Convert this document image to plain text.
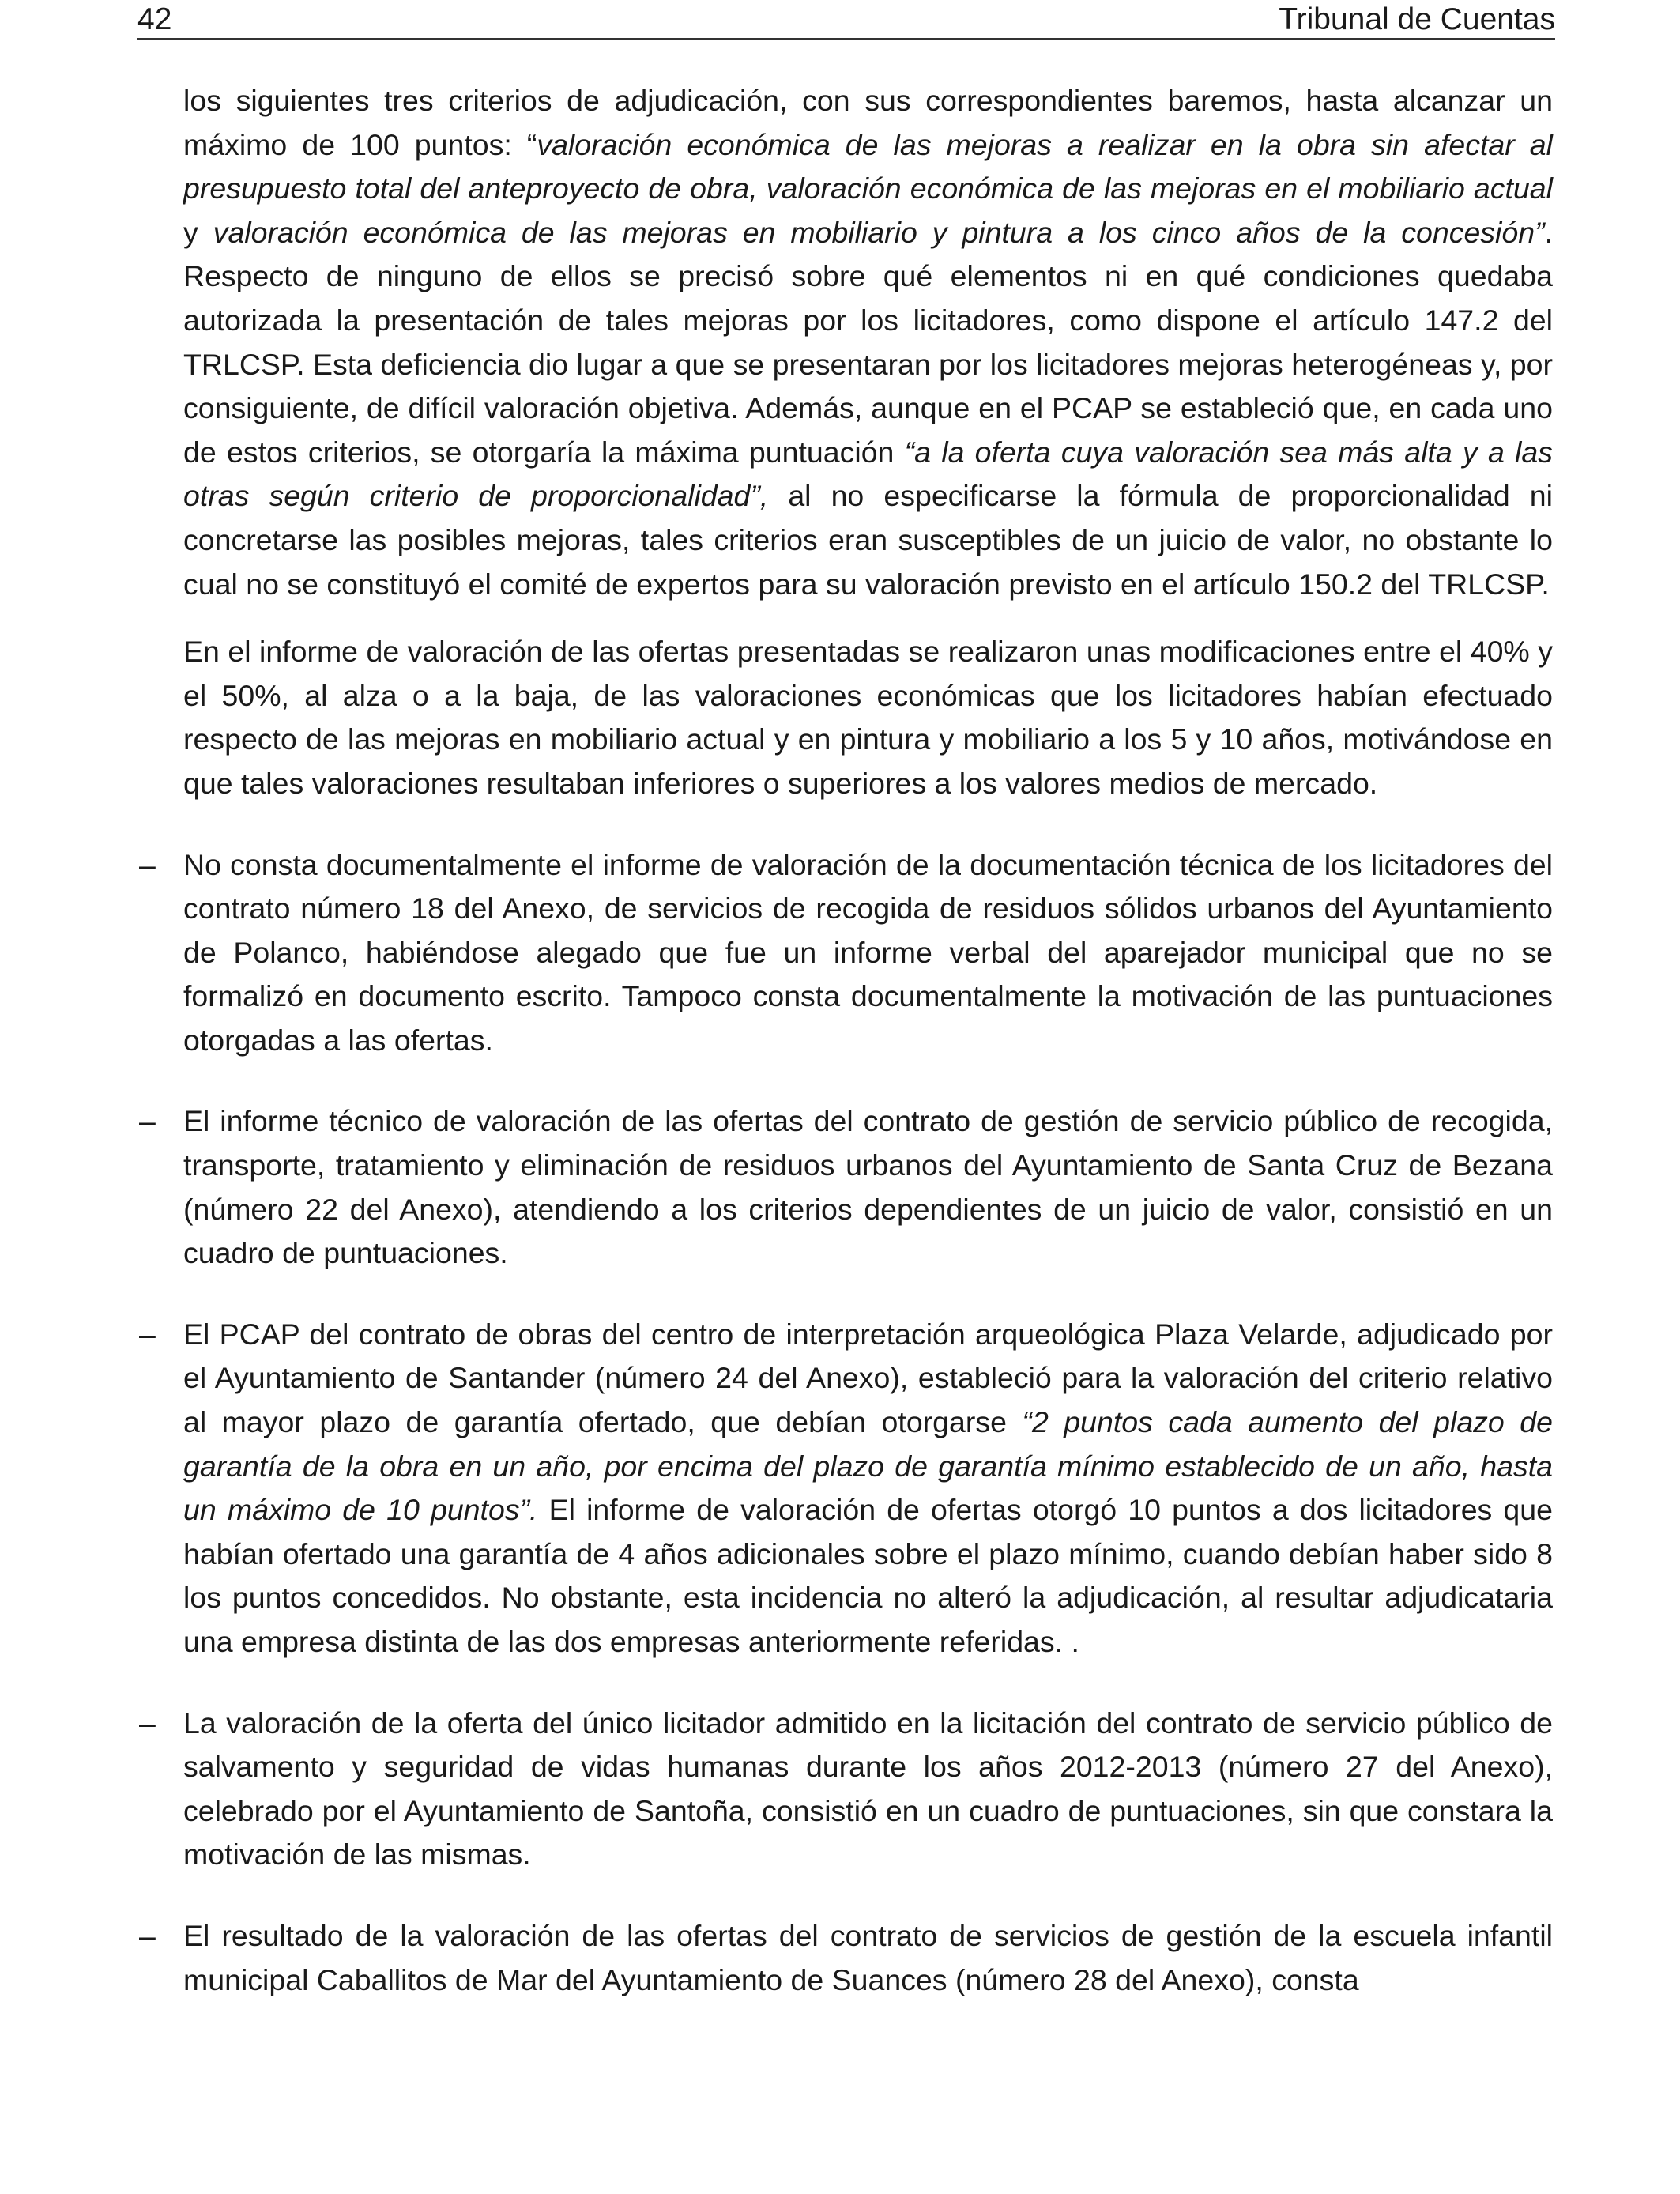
42	Tribunal de Cuentas

los siguientes tres criterios de adjudicación, con sus correspondientes baremos, hasta alcanzar un máximo de 100 puntos: “valoración económica de las mejoras a realizar en la obra sin afectar al presupuesto total del anteproyecto de obra, valoración económica de las mejoras en el mobiliario actual y valoración económica de las mejoras en mobiliario y pintura a los cinco años de la concesión”. Respecto de ninguno de ellos se precisó sobre qué elementos ni en qué condiciones quedaba autorizada la presentación de tales mejoras por los licitadores, como dispone el artículo 147.2 del TRLCSP. Esta deficiencia dio lugar a que se presentaran por los licitadores mejoras heterogéneas y, por consiguiente, de difícil valoración objetiva. Además, aunque en el PCAP se estableció que, en cada uno de estos criterios, se otorgaría la máxima puntuación “a la oferta cuya valoración sea más alta y a las otras según criterio de proporcionalidad”, al no especificarse la fórmula de proporcionalidad ni concretarse las posibles mejoras, tales criterios eran susceptibles de un juicio de valor, no obstante lo cual no se constituyó el comité de expertos para su valoración previsto en el artículo 150.2 del TRLCSP.

En el informe de valoración de las ofertas presentadas se realizaron unas modificaciones entre el 40% y el 50%, al alza o a la baja, de las valoraciones económicas que los licitadores habían efectuado respecto de las mejoras en mobiliario actual y en pintura y mobiliario a los 5 y 10 años, motivándose en que tales valoraciones resultaban inferiores o superiores a los valores medios de mercado.

– No consta documentalmente el informe de valoración de la documentación técnica de los licitadores del contrato número 18 del Anexo, de servicios de recogida de residuos sólidos urbanos del Ayuntamiento de Polanco, habiéndose alegado que fue un informe verbal del aparejador municipal que no se formalizó en documento escrito. Tampoco consta documentalmente la motivación de las puntuaciones otorgadas a las ofertas.

– El informe técnico de valoración de las ofertas del contrato de gestión de servicio público de recogida, transporte, tratamiento y eliminación de residuos urbanos del Ayuntamiento de Santa Cruz de Bezana (número 22 del Anexo), atendiendo a los criterios dependientes de un juicio de valor, consistió en un cuadro de puntuaciones.

– El PCAP del contrato de obras del centro de interpretación arqueológica Plaza Velarde, adjudicado por el Ayuntamiento de Santander (número 24 del Anexo), estableció para la valoración del criterio relativo al mayor plazo de garantía ofertado, que debían otorgarse “2 puntos cada aumento del plazo de garantía de la obra en un año, por encima del plazo de garantía mínimo establecido de un año, hasta un máximo de 10 puntos”. El informe de valoración de ofertas otorgó 10 puntos a dos licitadores que habían ofertado una garantía de 4 años adicionales sobre el plazo mínimo, cuando debían haber sido 8 los puntos concedidos. No obstante, esta incidencia no alteró la adjudicación, al resultar adjudicataria una empresa distinta de las dos empresas anteriormente referidas. .

– La valoración de la oferta del único licitador admitido en la licitación del contrato de servicio público de salvamento y seguridad de vidas humanas durante los años 2012-2013 (número 27 del Anexo), celebrado por el Ayuntamiento de Santoña, consistió en un cuadro de puntuaciones, sin que constara la motivación de las mismas.

– El resultado de la valoración de las ofertas del contrato de servicios de gestión de la escuela infantil municipal Caballitos de Mar del Ayuntamiento de Suances (número 28 del Anexo), consta
